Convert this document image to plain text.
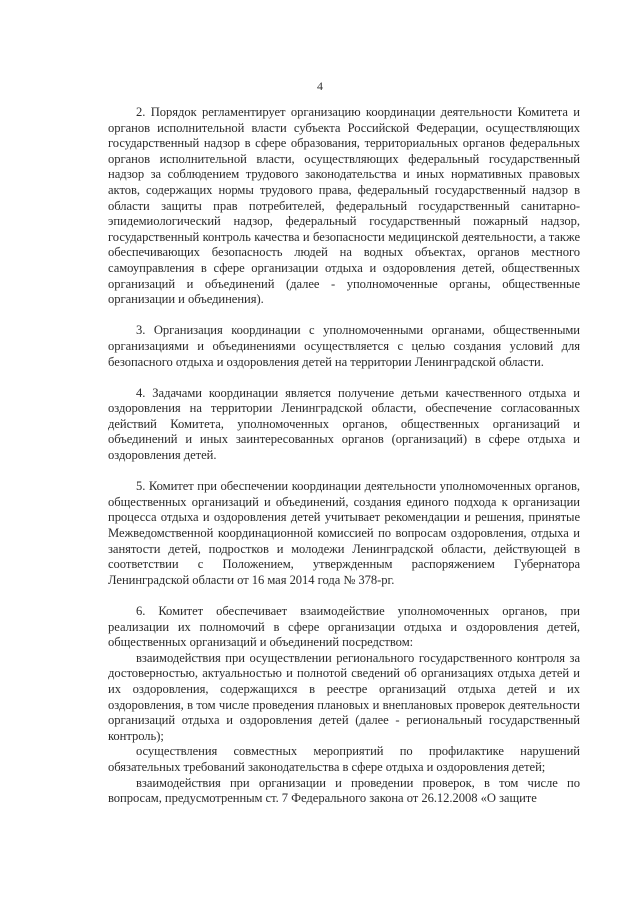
4

2. Порядок регламентирует организацию координации деятельности Комитета и органов исполнительной власти субъекта Российской Федерации, осуществляющих государственный надзор в сфере образования, территориальных органов федеральных органов исполнительной власти, осуществляющих федеральный государственный надзор за соблюдением трудового законодательства и иных нормативных правовых актов, содержащих нормы трудового права, федеральный государственный надзор в области защиты прав потребителей, федеральный государственный санитарно-эпидемиологический надзор, федеральный государственный пожарный надзор, государственный контроль качества и безопасности медицинской деятельности, а также обеспечивающих безопасность людей на водных объектах, органов местного самоуправления в сфере организации отдыха и оздоровления детей, общественных организаций и объединений (далее - уполномоченные органы, общественные организации и объединения).

3. Организация координации с уполномоченными органами, общественными организациями и объединениями осуществляется с целью создания условий для безопасного отдыха и оздоровления детей на территории Ленинградской области.

4. Задачами координации является получение детьми качественного отдыха и оздоровления на территории Ленинградской области, обеспечение согласованных действий Комитета, уполномоченных органов, общественных организаций и объединений и иных заинтересованных органов (организаций) в сфере отдыха и оздоровления детей.

5. Комитет при обеспечении координации деятельности уполномоченных органов, общественных организаций и объединений, создания единого подхода к организации процесса отдыха и оздоровления детей учитывает рекомендации и решения, принятые Межведомственной координационной комиссией по вопросам оздоровления, отдыха и занятости детей, подростков и молодежи Ленинградской области, действующей в соответствии с Положением, утвержденным распоряжением Губернатора Ленинградской области от 16 мая 2014 года № 378-рг.

6. Комитет обеспечивает взаимодействие уполномоченных органов, при реализации их полномочий в сфере организации отдыха и оздоровления детей, общественных организаций и объединений посредством:

взаимодействия при осуществлении регионального государственного контроля за достоверностью, актуальностью и полнотой сведений об организациях отдыха детей и их оздоровления, содержащихся в реестре организаций отдыха детей и их оздоровления, в том числе проведения плановых и внеплановых проверок деятельности организаций отдыха и оздоровления детей (далее - региональный государственный контроль);

осуществления совместных мероприятий по профилактике нарушений обязательных требований законодательства в сфере отдыха и оздоровления детей;

взаимодействия при организации и проведении проверок, в том числе по вопросам, предусмотренным ст. 7 Федерального закона от 26.12.2008 «О защите
